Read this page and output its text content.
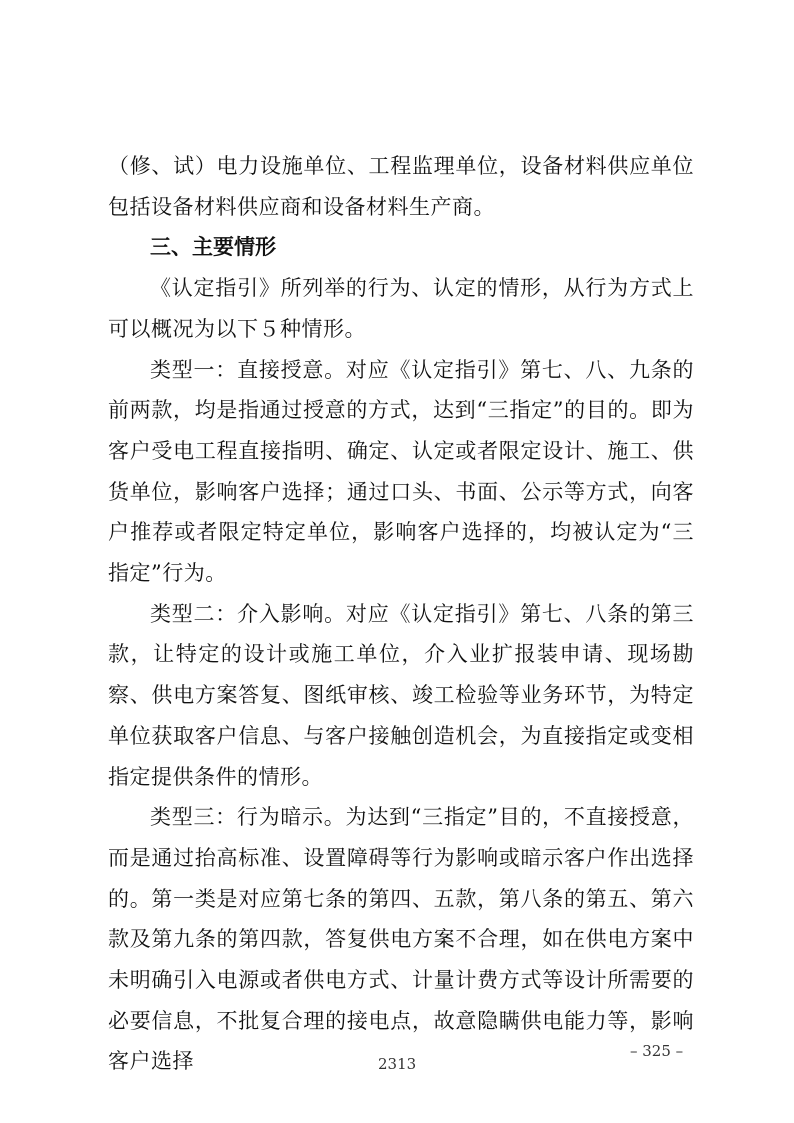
（修、试）电力设施单位、工程监理单位，设备材料供应单位包括设备材料供应商和设备材料生产商。

三、主要情形

《认定指引》所列举的行为、认定的情形，从行为方式上可以概况为以下５种情形。

类型一：直接授意。对应《认定指引》第七、八、九条的前两款，均是指通过授意的方式，达到“三指定”的目的。即为客户受电工程直接指明、确定、认定或者限定设计、施工、供货单位，影响客户选择；通过口头、书面、公示等方式，向客户推荐或者限定特定单位，影响客户选择的，均被认定为“三指定”行为。

类型二：介入影响。对应《认定指引》第七、八条的第三款，让特定的设计或施工单位，介入业扩报装申请、现场勘察、供电方案答复、图纸审核、竣工检验等业务环节，为特定单位获取客户信息、与客户接触创造机会，为直接指定或变相指定提供条件的情形。

类型三：行为暗示。为达到“三指定”目的，不直接授意，而是通过抬高标准、设置障碍等行为影响或暗示客户作出选择的。第一类是对应第七条的第四、五款，第八条的第五、第六款及第九条的第四款，答复供电方案不合理，如在供电方案中未明确引入电源或者供电方式、计量计费方式等设计所需要的必要信息，不批复合理的接电点，故意隐瞒供电能力等，影响客户选择	– 325 –
2313
